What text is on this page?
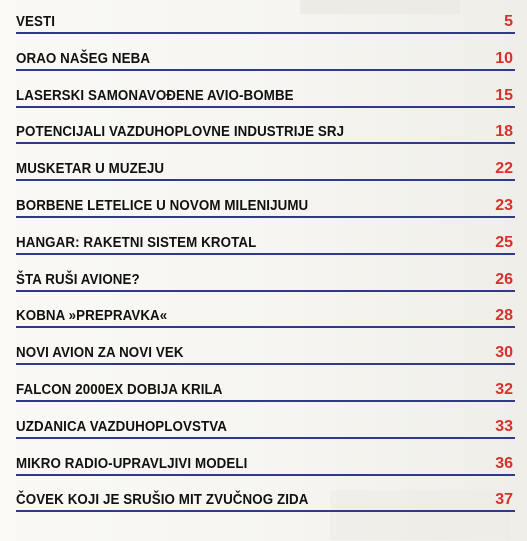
VESTI	5
ORAO NAŠEG NEBA	10
LASERSKI SAMONAVOĐENE AVIO-BOMBE	15
POTENCIJALI VAZDUHOPLOVNE INDUSTRIJE SRJ	18
MUSKETAR U MUZEJU	22
BORBENE LETELICE U NOVOM MILENIJUMU	23
HANGAR: RAKETNI SISTEM KROTAL	25
ŠTA RUŠI AVIONE?	26
KOBNA »PREPRAVKA«	28
NOVI AVION ZA NOVI VEK	30
FALCON 2000EX DOBIJA KRILA	32
UZDANICA VAZDUHOPLOVSTVA	33
MIKRO RADIO-UPRAVLJIVI MODELI	36
ČOVEK KOJI JE SRUŠIO MIT ZVUČNOG ZIDA	37
